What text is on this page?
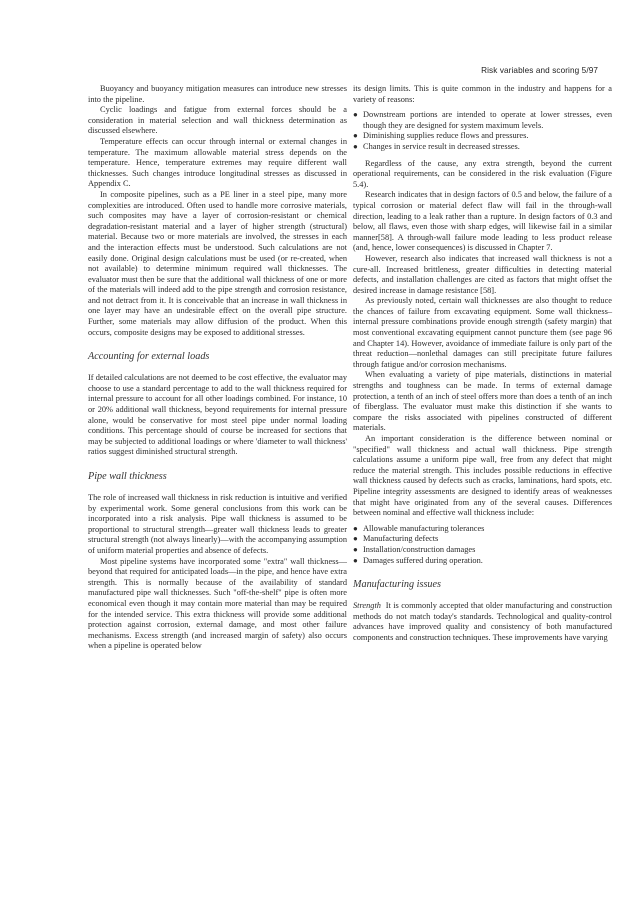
Risk variables and scoring 5/97

Buoyancy and buoyancy mitigation measures can introduce new stresses into the pipeline.

Cyclic loadings and fatigue from external forces should be a consideration in material selection and wall thickness determination as discussed elsewhere.

Temperature effects can occur through internal or external changes in temperature. The maximum allowable material stress depends on the temperature. Hence, temperature extremes may require different wall thicknesses. Such changes introduce longitudinal stresses as discussed in Appendix C.

In composite pipelines, such as a PE liner in a steel pipe, many more complexities are introduced. Often used to handle more corrosive materials, such composites may have a layer of corrosion-resistant or chemical degradation-resistant material and a layer of higher strength (structural) material. Because two or more materials are involved, the stresses in each and the interaction effects must be understood. Such calculations are not easily done. Original design calculations must be used (or re-created, when not available) to determine minimum required wall thicknesses. The evaluator must then be sure that the additional wall thickness of one or more of the materials will indeed add to the pipe strength and corrosion resistance, and not detract from it. It is conceivable that an increase in wall thickness in one layer may have an undesirable effect on the overall pipe structure. Further, some materials may allow diffusion of the product. When this occurs, composite designs may be exposed to additional stresses.

Accounting for external loads

If detailed calculations are not deemed to be cost effective, the evaluator may choose to use a standard percentage to add to the wall thickness required for internal pressure to account for all other loadings combined. For instance, 10 or 20% additional wall thickness, beyond requirements for internal pressure alone, would be conservative for most steel pipe under normal loading conditions. This percentage should of course be increased for sections that may be subjected to additional loadings or where 'diameter to wall thickness' ratios suggest diminished structural strength.

Pipe wall thickness

The role of increased wall thickness in risk reduction is intuitive and verified by experimental work. Some general conclusions from this work can be incorporated into a risk analysis. Pipe wall thickness is assumed to be proportional to structural strength—greater wall thickness leads to greater structural strength (not always linearly)—with the accompanying assumption of uniform material properties and absence of defects.

Most pipeline systems have incorporated some "extra" wall thickness—beyond that required for anticipated loads—in the pipe, and hence have extra strength. This is normally because of the availability of standard manufactured pipe wall thicknesses. Such "off-the-shelf" pipe is often more economical even though it may contain more material than may be required for the intended service. This extra thickness will provide some additional protection against corrosion, external damage, and most other failure mechanisms. Excess strength (and increased margin of safety) also occurs when a pipeline is operated below

its design limits. This is quite common in the industry and happens for a variety of reasons:

● Downstream portions are intended to operate at lower stresses, even though they are designed for system maximum levels.
● Diminishing supplies reduce flows and pressures.
● Changes in service result in decreased stresses.

Regardless of the cause, any extra strength, beyond the current operational requirements, can be considered in the risk evaluation (Figure 5.4).

Research indicates that in design factors of 0.5 and below, the failure of a typical corrosion or material defect flaw will fail in the through-wall direction, leading to a leak rather than a rupture. In design factors of 0.3 and below, all flaws, even those with sharp edges, will likewise fail in a similar manner[58]. A through-wall failure mode leading to less product release (and, hence, lower consequences) is discussed in Chapter 7.

However, research also indicates that increased wall thickness is not a cure-all. Increased brittleness, greater difficulties in detecting material defects, and installation challenges are cited as factors that might offset the desired increase in damage resistance [58].

As previously noted, certain wall thicknesses are also thought to reduce the chances of failure from excavating equipment. Some wall thickness–internal pressure combinations provide enough strength (safety margin) that most conventional excavating equipment cannot puncture them (see page 96 and Chapter 14). However, avoidance of immediate failure is only part of the threat reduction—nonlethal damages can still precipitate future failures through fatigue and/or corrosion mechanisms.

When evaluating a variety of pipe materials, distinctions in material strengths and toughness can be made. In terms of external damage protection, a tenth of an inch of steel offers more than does a tenth of an inch of fiberglass. The evaluator must make this distinction if she wants to compare the risks associated with pipelines constructed of different materials.

An important consideration is the difference between nominal or "specified" wall thickness and actual wall thickness. Pipe strength calculations assume a uniform pipe wall, free from any defect that might reduce the material strength. This includes possible reductions in effective wall thickness caused by defects such as cracks, laminations, hard spots, etc. Pipeline integrity assessments are designed to identify areas of weaknesses that might have originated from any of the several causes. Differences between nominal and effective wall thickness include:

● Allowable manufacturing tolerances
● Manufacturing defects
● Installation/construction damages
● Damages suffered during operation.
Manufacturing issues

Strength It is commonly accepted that older manufacturing and construction methods do not match today's standards. Technological and quality-control advances have improved quality and consistency of both manufactured components and construction techniques. These improvements have varying
